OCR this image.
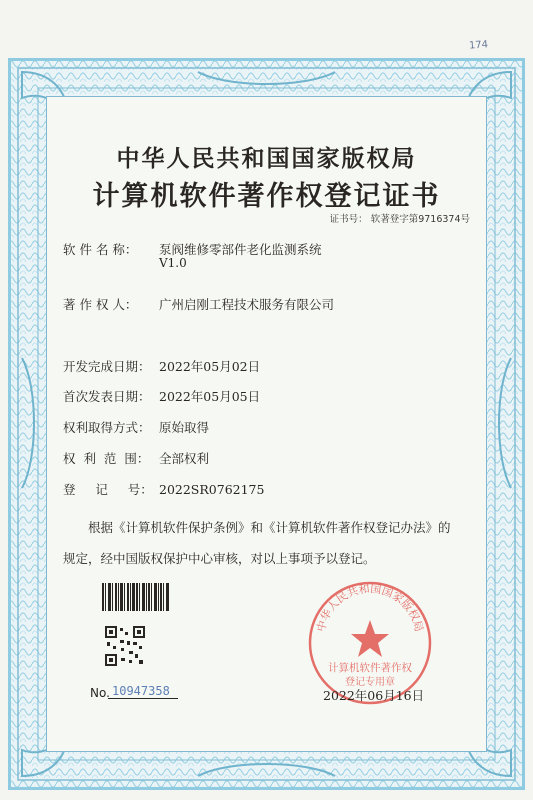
174
中华人民共和国国家版权局
计算机软件著作权登记证书
证书号： 软著登字第9716374号
软 件 名 称： 泵阀维修零部件老化监测系统
V1.0
著 作 权 人： 广州启刚工程技术服务有限公司
开发完成日期： 2022年05月02日
首次发表日期： 2022年05月05日
权利取得方式： 原始取得
权  利  范  围： 全部权利
登     记     号： 2022SR0762175
根据《计算机软件保护条例》和《计算机软件著作权登记办法》的
规定，经中国版权保护中心审核，对以上事项予以登记。
No. 10947358
中华人民共和国国家版权局
计算机软件著作权
登记专用章
2022年06月16日
